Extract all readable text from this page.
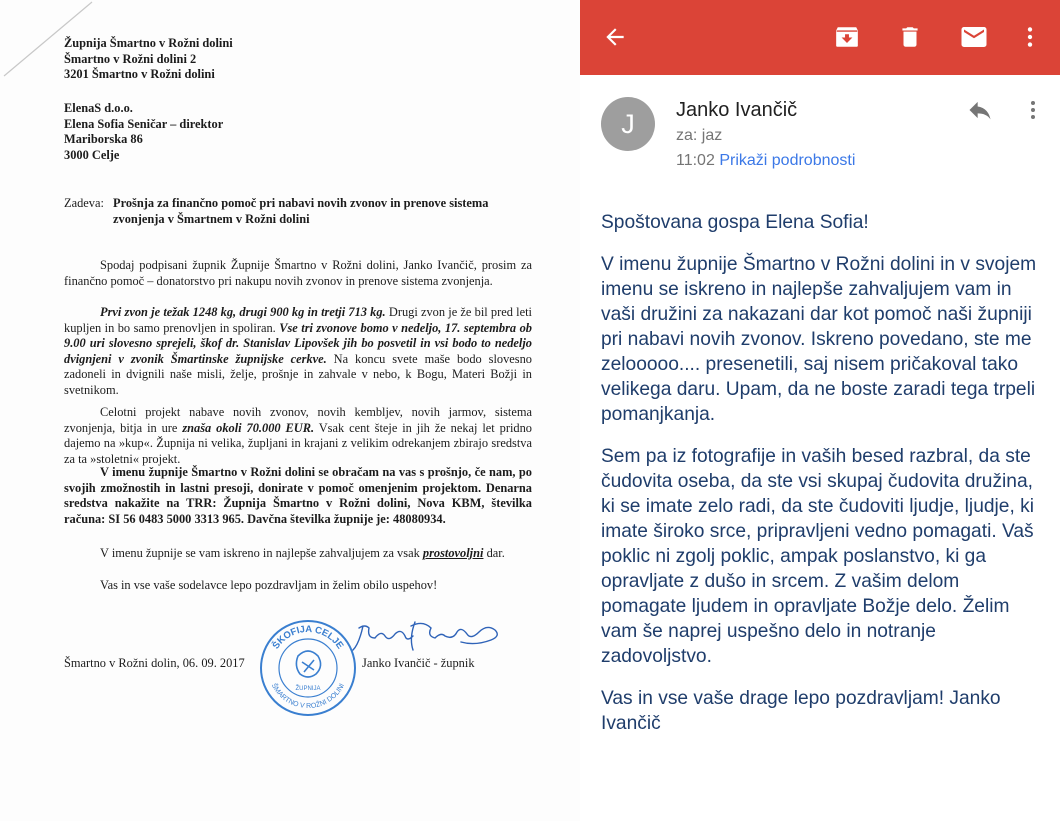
Župnija Šmartno v Rožni dolini
Šmartno v Rožni dolini 2
3201 Šmartno v Rožni dolini
ElenaS d.o.o.
Elena Sofia Seničar – direktor
Mariborska 86
3000 Celje
Zadeva: Prošnja za finančno pomoč pri nabavi novih zvonov in prenove sistema
zvonjenja v Šmartnem v Rožni dolini

Spodaj podpisani župnik Župnije Šmartno v Rožni dolini, Janko Ivančič, prosim za finančno pomoč – donatorstvo pri nakupu novih zvonov in prenove sistema zvonjenja.

Prvi zvon je težak 1248 kg, drugi 900 kg in tretji 713 kg. Drugi zvon je že bil pred leti kupljen in bo samo prenovljen in spoliran. Vse tri zvonove bomo v nedeljo, 17. septembra ob 9.00 uri slovesno sprejeli, škof dr. Stanislav Lipovšek jih bo posvetil in vsi bodo to nedeljo dvignjeni v zvonik Šmartinske župnijske cerkve. Na koncu svete maše bodo slovesno zadoneli in dvignili naše misli, želje, prošnje in zahvale v nebo, k Bogu, Materi Božji in svetnikom.

Celotni projekt nabave novih zvonov, novih kembljev, novih jarmov, sistema zvonjenja, bitja in ure znaša okoli 70.000 EUR. Vsak cent šteje in jih že nekaj let pridno dajemo na »kup«. Župnija ni velika, župljani in krajani z velikim odrekanjem zbirajo sredstva za ta »stoletni« projekt.

V imenu župnije Šmartno v Rožni dolini se obračam na vas s prošnjo, če nam, po svojih zmožnostih in lastni presoji, donirate v pomoč omenjenim projektom. Denarna sredstva nakažite na TRR: Župnija Šmartno v Rožni dolini, Nova KBM, številka računa: SI 56 0483 5000 3313 965. Davčna številka župnije je: 48080934.

V imenu župnije se vam iskreno in najlepše zahvaljujem za vsak prostovoljni dar.

Vas in vse vaše sodelavce lepo pozdravljam in želim obilo uspehov!

Šmartno v Rožni dolin, 06. 09. 2017	Janko Ivančič - župnik
ŠKOFIJA CELJE
ŠMARTNO V ROŽNI DOLINI
ŽUPNIJA
J	Janko Ivančič
za: jaz
11:02 Prikaži podrobnosti

Spoštovana gospa Elena Sofia!

V imenu župnije Šmartno v Rožni dolini in v svojem imenu se iskreno in najlepše zahvaljujem vam in vaši družini za nakazani dar kot pomoč naši župniji pri nabavi novih zvonov. Iskreno povedano, ste me zelooooo.... presenetili, saj nisem pričakoval tako velikega daru. Upam, da ne boste zaradi tega trpeli pomanjkanja.

Sem pa iz fotografije in vaših besed razbral, da ste čudovita oseba, da ste vsi skupaj čudovita družina, ki se imate zelo radi, da ste čudoviti ljudje, ljudje, ki imate široko srce, pripravljeni vedno pomagati. Vaš poklic ni zgolj poklic, ampak poslanstvo, ki ga opravljate z dušo in srcem. Z vašim delom pomagate ljudem in opravljate Božje delo. Želim vam še naprej uspešno delo in notranje zadovoljstvo.

Vas in vse vaše drage lepo pozdravljam! Janko Ivančič
